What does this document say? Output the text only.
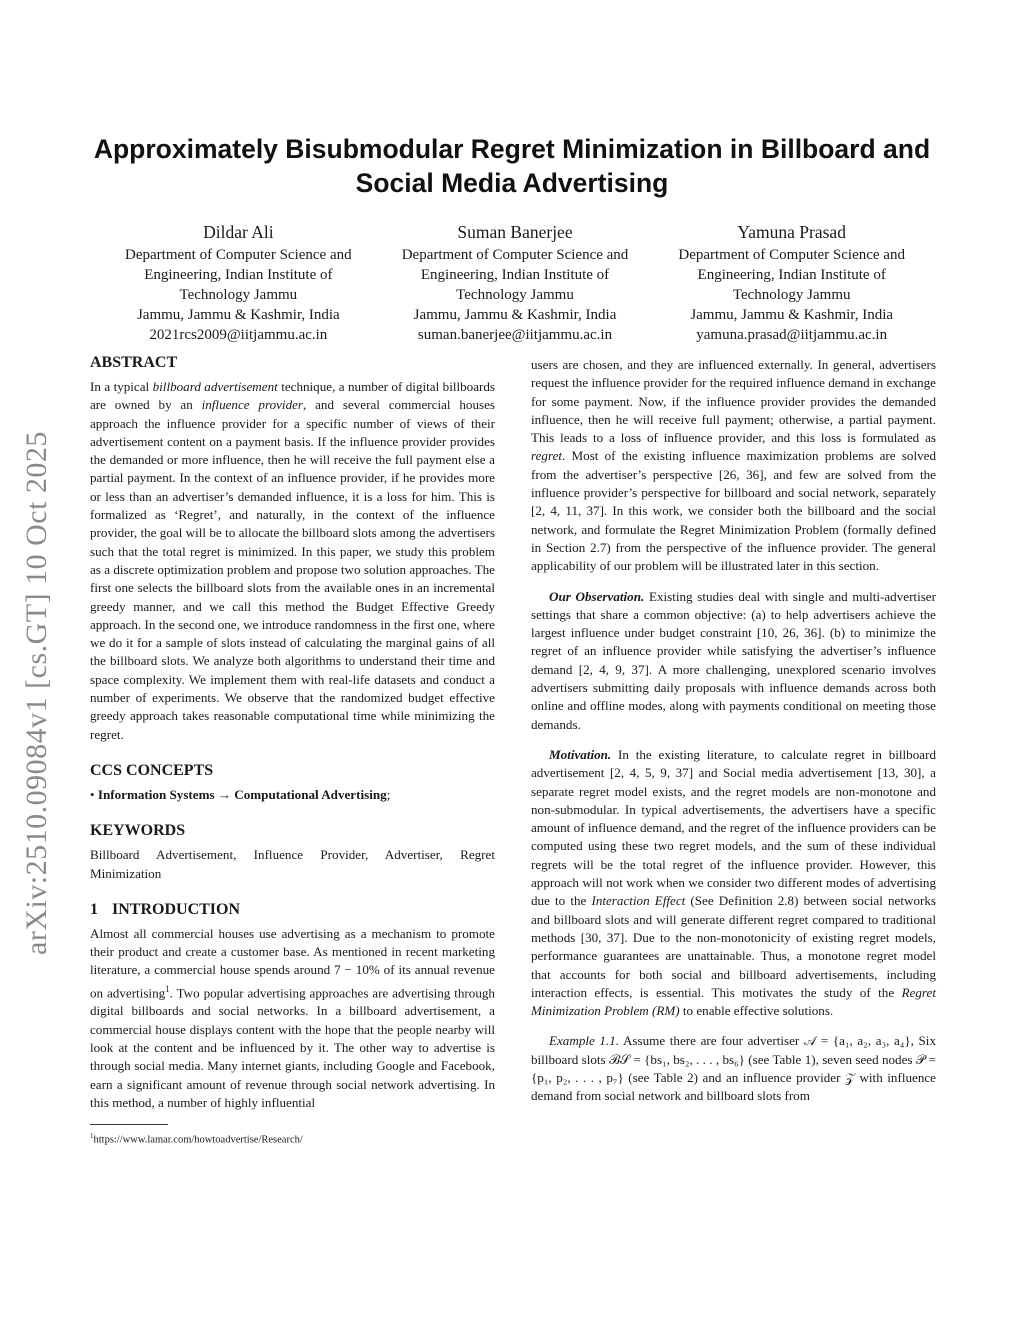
arXiv:2510.09084v1 [cs.GT] 10 Oct 2025
Approximately Bisubmodular Regret Minimization in Billboard and Social Media Advertising
Dildar Ali
Department of Computer Science and
Engineering, Indian Institute of
Technology Jammu
Jammu, Jammu & Kashmir, India
2021rcs2009@iitjammu.ac.in
Suman Banerjee
Department of Computer Science and
Engineering, Indian Institute of
Technology Jammu
Jammu, Jammu & Kashmir, India
suman.banerjee@iitjammu.ac.in
Yamuna Prasad
Department of Computer Science and
Engineering, Indian Institute of
Technology Jammu
Jammu, Jammu & Kashmir, India
yamuna.prasad@iitjammu.ac.in
ABSTRACT

In a typical billboard advertisement technique, a number of digital billboards are owned by an influence provider, and several commercial houses approach the influence provider for a specific number of views of their advertisement content on a payment basis. If the influence provider provides the demanded or more influence, then he will receive the full payment else a partial payment. In the context of an influence provider, if he provides more or less than an advertiser’s demanded influence, it is a loss for him. This is formalized as ‘Regret’, and naturally, in the context of the influence provider, the goal will be to allocate the billboard slots among the advertisers such that the total regret is minimized. In this paper, we study this problem as a discrete optimization problem and propose two solution approaches. The first one selects the billboard slots from the available ones in an incremental greedy manner, and we call this method the Budget Effective Greedy approach. In the second one, we introduce randomness in the first one, where we do it for a sample of slots instead of calculating the marginal gains of all the billboard slots. We analyze both algorithms to understand their time and space complexity. We implement them with real-life datasets and conduct a number of experiments. We observe that the randomized budget effective greedy approach takes reasonable computational time while minimizing the regret.

CCS CONCEPTS

• Information Systems → Computational Advertising;

KEYWORDS

Billboard Advertisement, Influence Provider, Advertiser, Regret Minimization

1 INTRODUCTION

Almost all commercial houses use advertising as a mechanism to promote their product and create a customer base. As mentioned in recent marketing literature, a commercial house spends around 7 − 10% of its annual revenue on advertising$^1$. Two popular advertising approaches are advertising through digital billboards and social networks. In a billboard advertisement, a commercial house displays content with the hope that the people nearby will look at the content and be influenced by it. The other way to advertise is through social media. Many internet giants, including Google and Facebook, earn a significant amount of revenue through social network advertising. In this method, a number of highly influential

$^1$https://www.lamar.com/howtoadvertise/Research/

users are chosen, and they are influenced externally. In general, advertisers request the influence provider for the required influence demand in exchange for some payment. Now, if the influence provider provides the demanded influence, then he will receive full payment; otherwise, a partial payment. This leads to a loss of influence provider, and this loss is formulated as regret. Most of the existing influence maximization problems are solved from the advertiser’s perspective [26, 36], and few are solved from the influence provider’s perspective for billboard and social network, separately [2, 4, 11, 37]. In this work, we consider both the billboard and the social network, and formulate the Regret Minimization Problem (formally defined in Section 2.7) from the perspective of the influence provider. The general applicability of our problem will be illustrated later in this section.

Our Observation. Existing studies deal with single and multi-advertiser settings that share a common objective: (a) to help advertisers achieve the largest influence under budget constraint [10, 26, 36]. (b) to minimize the regret of an influence provider while satisfying the advertiser’s influence demand [2, 4, 9, 37]. A more challenging, unexplored scenario involves advertisers submitting daily proposals with influence demands across both online and offline modes, along with payments conditional on meeting those demands.

Motivation. In the existing literature, to calculate regret in billboard advertisement [2, 4, 5, 9, 37] and Social media advertisement [13, 30], a separate regret model exists, and the regret models are non-monotone and non-submodular. In typical advertisements, the advertisers have a specific amount of influence demand, and the regret of the influence providers can be computed using these two regret models, and the sum of these individual regrets will be the total regret of the influence provider. However, this approach will not work when we consider two different modes of advertising due to the Interaction Effect (See Definition 2.8) between social networks and billboard slots and will generate different regret compared to traditional methods [30, 37]. Due to the non-monotonicity of existing regret models, performance guarantees are unattainable. Thus, a monotone regret model that accounts for both social and billboard advertisements, including interaction effects, is essential. This motivates the study of the Regret Minimization Problem (RM) to enable effective solutions.

Example 1.1. Assume there are four advertiser 𝒜 = {a₁, a₂, a₃, a₄}, Six billboard slots ℬ𝒮 = {bs₁, bs₂, . . . , bs₆} (see Table 1), seven seed nodes 𝒫 = {p₁, p₂, . . . , p₇} (see Table 2) and an influence provider 𝒵 with influence demand from social network and billboard slots from
